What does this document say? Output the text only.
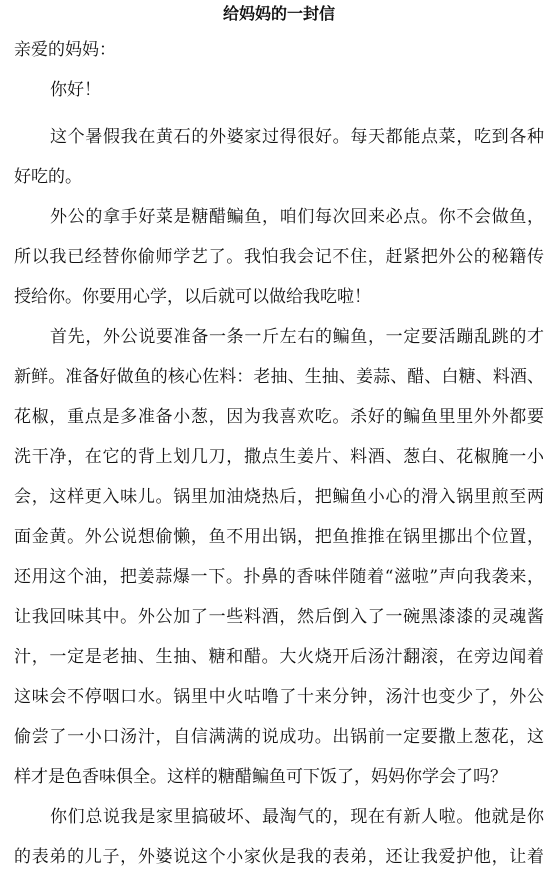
给妈妈的一封信

亲爱的妈妈：

你好！

这个暑假我在黄石的外婆家过得很好。每天都能点菜，吃到各种
好吃的。
外公的拿手好菜是糖醋鳊鱼，咱们每次回来必点。你不会做鱼，
所以我已经替你偷师学艺了。我怕我会记不住，赶紧把外公的秘籍传
授给你。你要用心学，以后就可以做给我吃啦！
首先，外公说要准备一条一斤左右的鳊鱼，一定要活蹦乱跳的才
新鲜。准备好做鱼的核心佐料：老抽、生抽、姜蒜、醋、白糖、料酒、
花椒，重点是多准备小葱，因为我喜欢吃。杀好的鳊鱼里里外外都要
洗干净，在它的背上划几刀，撒点生姜片、料酒、葱白、花椒腌一小
会，这样更入味儿。锅里加油烧热后，把鳊鱼小心的滑入锅里煎至两
面金黄。外公说想偷懒，鱼不用出锅，把鱼推推在锅里挪出个位置，
还用这个油，把姜蒜爆一下。扑鼻的香味伴随着“滋啦”声向我袭来，
让我回味其中。外公加了一些料酒，然后倒入了一碗黑漆漆的灵魂酱
汁，一定是老抽、生抽、糖和醋。大火烧开后汤汁翻滚，在旁边闻着
这味会不停咽口水。锅里中火咕噜了十来分钟，汤汁也变少了，外公
偷尝了一小口汤汁，自信满满的说成功。出锅前一定要撒上葱花，这
样才是色香味俱全。这样的糖醋鳊鱼可下饭了，妈妈你学会了吗？
你们总说我是家里搞破坏、最淘气的，现在有新人啦。他就是你
的表弟的儿子，外婆说这个小家伙是我的表弟，还让我爱护他，让着
